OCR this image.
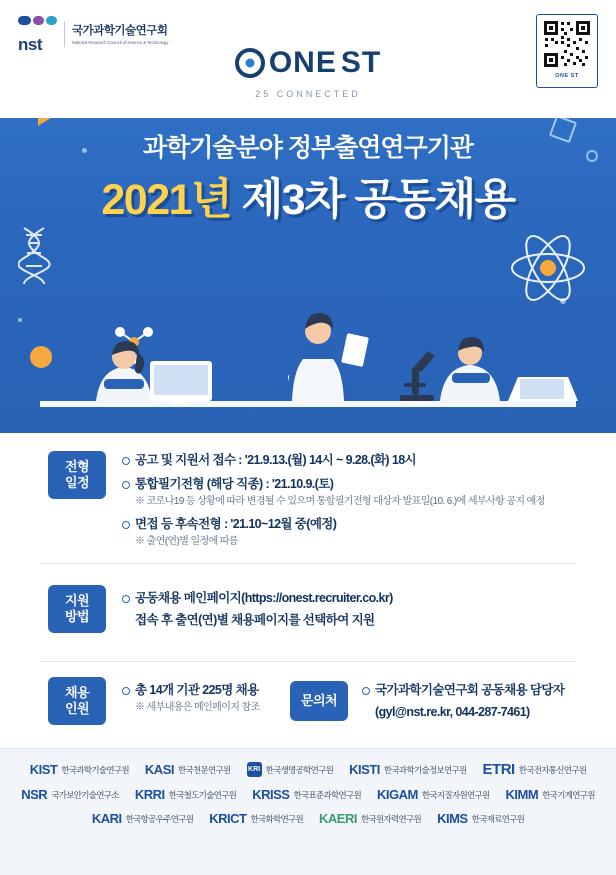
nst
국가과학기술연구회
National Research Council of Science & Technology
ONE ST
ONE ST
25 CONNECTED
과학기술분야 정부출연연구기관
2021년 제3차 공동채용
전형
일정
공고 및 지원서 접수 : '21.9.13.(월) 14시 ~ 9.28.(화) 18시
통합필기전형 (해당 직종) : '21.10.9.(토)
※ 코로나19 등 상황에 따라 변경될 수 있으며 통합필기전형 대상자 발표일(10. 6.)에 세부사항 공지 예정
면접 등 후속전형 : '21.10~12월 중(예정)
※ 출연(연)별 일정에 따름
지원
방법
공동채용 메인페이지(https://onest.recruiter.co.kr)
접속 후 출연(연)별 채용페이지를 선택하여 지원
채용
인원
총 14개 기관 225명 채용
※ 세부내용은 메인페이지 참조	문의처
국가과학기술연구회 공동채용 담당자
(gyl@nst.re.kr, 044-287-7461)
KIST 한국과학기술연구원 KASI 한국천문연구원 KRI 한국생명공학연구원 KISTI 한국과학기술정보연구원 ETRI 한국전자통신연구원
NSR 국가보안기술연구소 KRRI 한국철도기술연구원 KRISS 한국표준과학연구원 KIGAM 한국지질자원연구원 KIMM 한국기계연구원
KARI 한국항공우주연구원 KRICT 한국화학연구원 KAERI 한국원자력연구원 KIMS 한국재료연구원
